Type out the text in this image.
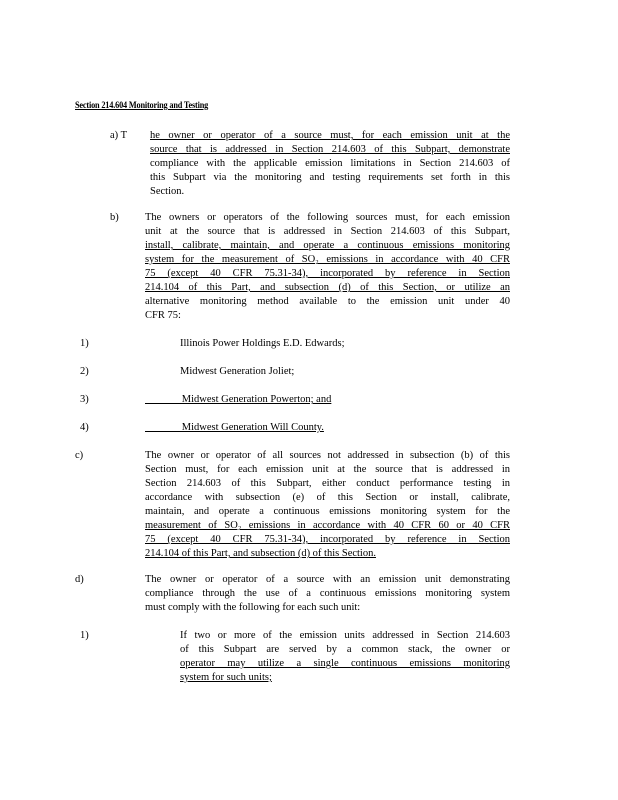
Section 214.604 Monitoring and Testing
a) T he owner or operator of a source must, for each emission unit at the
source that is addressed in Section 214.603 of this Subpart, demonstrate
compliance with the applicable emission limitations in Section 214.603 of
this Subpart via the monitoring and testing requirements set forth in this
Section.
b)	The owners or operators of the following sources must, for each emission
unit at the source that is addressed in Section 214.603 of this Subpart,
install, calibrate, maintain, and operate a continuous emissions monitoring
system for the measurement of SO₂ emissions in accordance with 40 CFR
75 (except 40 CFR 75.31-34), incorporated by reference in Section
214.104 of this Part, and subsection (d) of this Section, or utilize an
alternative monitoring method available to the emission unit under 40
CFR 75:
1)	Illinois Power Holdings E.D. Edwards;
2)	Midwest Generation Joliet;
3)	Midwest Generation Powerton; and
4)	Midwest Generation Will County.
c)	The owner or operator of all sources not addressed in subsection (b) of this
Section must, for each emission unit at the source that is addressed in
Section 214.603 of this Subpart, either conduct performance testing in
accordance with subsection (e) of this Section or install, calibrate,
maintain, and operate a continuous emissions monitoring system for the
measurement of SO₂ emissions in accordance with 40 CFR 60 or 40 CFR
75 (except 40 CFR 75.31-34), incorporated by reference in Section
214.104 of this Part, and subsection (d) of this Section.
d)	The owner or operator of a source with an emission unit demonstrating
compliance through the use of a continuous emissions monitoring system
must comply with the following for each such unit:
1)	If two or more of the emission units addressed in Section 214.603
of this Subpart are served by a common stack, the owner or
operator may utilize a single continuous emissions monitoring
system for such units;
